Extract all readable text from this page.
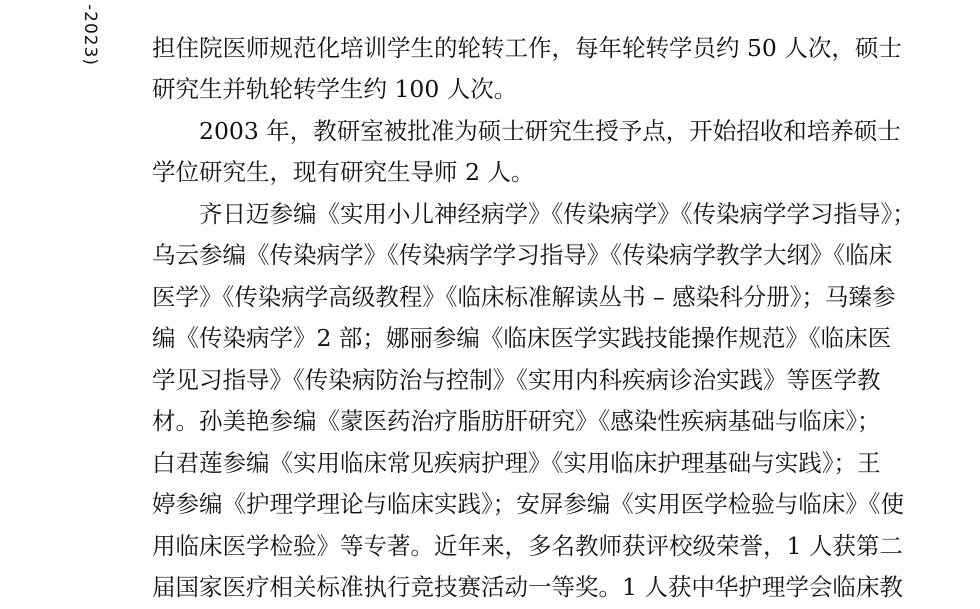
-2023) 担住院医师规范化培训学生的轮转工作，每年轮转学员约 50 人次，硕士
研究生并轨轮转学生约 100 人次。
2003 年，教研室被批准为硕士研究生授予点，开始招收和培养硕士
学位研究生，现有研究生导师 2 人。
齐日迈参编《实用小儿神经病学》《传染病学》《传染病学学习指导》；
乌云参编《传染病学》《传染病学学习指导》《传染病学教学大纲》《临床
医学》《传染病学高级教程》《临床标准解读丛书 – 感染科分册》；马臻参
编《传染病学》2 部；娜丽参编《临床医学实践技能操作规范》《临床医
学见习指导》《传染病防治与控制》《实用内科疾病诊治实践》等医学教
材。孙美艳参编《蒙医药治疗脂肪肝研究》《感染性疾病基础与临床》；
白君莲参编《实用临床常见疾病护理》《实用临床护理基础与实践》；王
婷参编《护理学理论与临床实践》；安屏参编《实用医学检验与临床》《使
用临床医学检验》等专著。近年来，多名教师获评校级荣誉，1 人获第二
届国家医疗相关标准执行竞技赛活动一等奖。1 人获中华护理学会临床教
